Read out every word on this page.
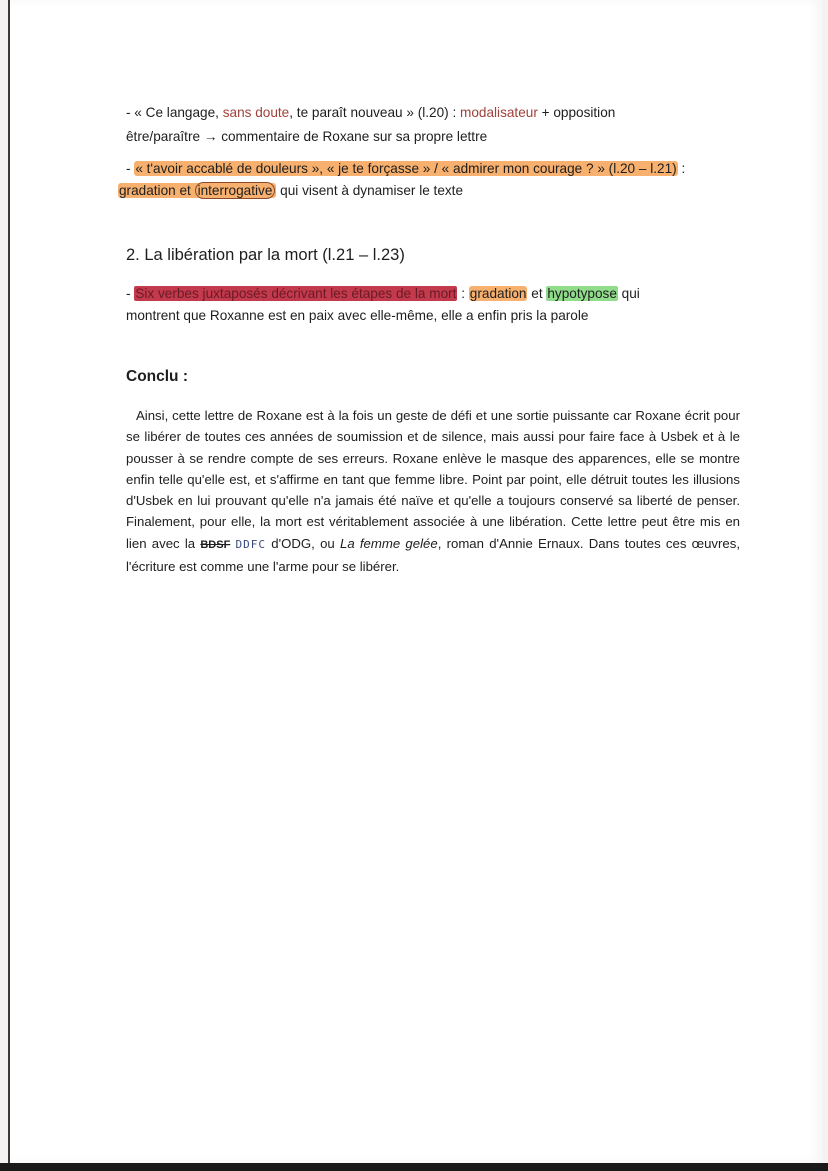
- « Ce langage, sans doute, te paraît nouveau » (l.20) : modalisateur + opposition
être/paraître → commentaire de Roxane sur sa propre lettre
- « t'avoir accablé de douleurs », « je te forçasse » / « admirer mon courage ? » (l.20 – l.21) :
gradation et interrogative qui visent à dynamiser le texte
2. La libération par la mort (l.21 – l.23)
- Six verbes juxtaposés décrivant les étapes de la mort : gradation et hypotypose qui
montrent que Roxanne est en paix avec elle-même, elle a enfin pris la parole
Conclu :

Ainsi, cette lettre de Roxane est à la fois un geste de défi et une sortie puissante car Roxane écrit pour se libérer de toutes ces années de soumission et de silence, mais aussi pour faire face à Usbek et à le pousser à se rendre compte de ses erreurs. Roxane enlève le masque des apparences, elle se montre enfin telle qu'elle est, et s'affirme en tant que femme libre. Point par point, elle détruit toutes les illusions d'Usbek en lui prouvant qu'elle n'a jamais été naïve et qu'elle a toujours conservé sa liberté de penser. Finalement, pour elle, la mort est véritablement associée à une libération. Cette lettre peut être mis en lien avec la BDSF DDFC d'ODG, ou La femme gelée, roman d'Annie Ernaux. Dans toutes ces œuvres, l'écriture est comme une l'arme pour se libérer.
